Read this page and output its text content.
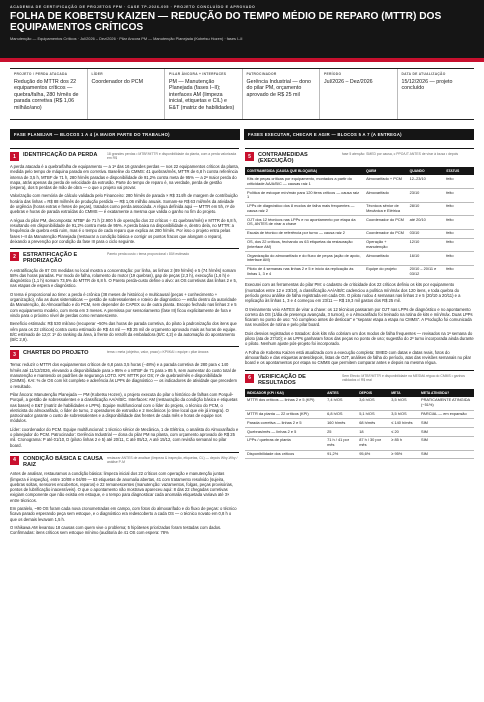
ACADEMIA DE CERTIFICAÇÃO DE PROJETOS FPM · CASE TP-2026-005 · PROJETO CONCLUÍDO E APROVADO
FOLHA DE KOBETSU KAIZEN — REDUÇÃO DO TEMPO MÉDIO DE REPARO (MTTR) DOS EQUIPAMENTOS CRÍTICOS
Manutenção — Equipamentos Críticos · Jul/2026 – Dez/2026 · Pilar Ancora PM — Manutenção Planejada (Kobetsu Hozen) · fases I–II
PROJETO / PERDA ATACADA
Redução do MTTR dos 22 equipamentos críticos — quebra/falha, 280 h/mês de parada corretiva (R$ 1,06 milhão/ano)
LÍDER
Coordenador do PCM
PILAR ÂNCORA + INTERFACES
PM — Manutenção Planejada (fases I–II); interfaces AM (limpeza inicial, etiquetas e CIL) e E&T (matriz de habilidades)
PATROCINADOR
Gerência Industrial — dono do pilar PM, orçamento aprovado de R$ 25 mil
PERÍODO
Jul/2026 – Dez/2026
DATA DE ATUALIZAÇÃO
15/12/2026 — projeto concluído
FASE PLANEJAR — BLOCOS 1 A 4 (A MAIOR PARTE DO TRABALHO)	FASES EXECUTAR, CHECAR E AGIR — BLOCOS 5 A 7 (A ENTREGA)
1	IDENTIFICAÇÃO DA PERDA	18 grandes perdas • MTBF/MTTR e disponibilidade da planta, com a perda valorizada em R$

A perda atacada é a quebra/falha de equipamento — a 1ª das 16 grandes perdas — nos 22 equipamentos críticos da planta, medida pelo tempo de máquina parada em corretiva. Baseline do CMMS: 41 quebras/mês, MTTR de 6,8 h contra referência interna de 3,5 h, MTBF de 71 h, 280 h/mês paradas e disponibilidade de 91,2% contra meta de 95% — a 2ª maior perda do mapa, atrás apenas da perda de velocidade da extrusão. Parte do tempo de reparo é, na verdade, perda de gestão (espera), dos 5 perdas de mão de obra — o que o projeto vai provar.

Valorização com memória de cálculo validada pelo Financeiro: 280 h/mês de parada × R$ 314/h de margem de contribuição horária das linhas = R$ 88 mil/mês de produção perdida — R$ 1,06 milhão anuais. Somam-se R$ 63 mil/mês da atividade de urgência (horas extras e fretes de peças), tratados como perda associada. A régua definida aqui — MTTR em 5h, nº de quebras e horas de parada extraídas do CMMS — é exatamente a mesma que valida o ganho no fim do projeto.

A régua do pilar PM, decomposta: MTBF de 71 h (2.900 h de operação dos 22 críticos ÷ 41 quebras/mês) e MTTR de 6,8 h, resultando em disponibilidade de 91,2% contra meta de 95%. A perda baixa na disponibilidade e, dentro dela, no MTTR: a frequência de quebra está ruim, mas é o tempo de cada reparo que explica as 280 h/mês. Por isso o projeto entra pelas fases I–II da Manutenção Planejada (restaurar a condição básica e corrigir os pontos fracos que alongam o reparo), deixando a prevenção por condição da fase III para o ciclo seguinte.

2	ESTRATIFICAÇÃO E PRIORIZAÇÃO
Pareto perda custo • tema proporcional • 80/l estimado

A estratificação de 87 OS medidas no local mostra a concentração: por linha, as linhas 2 (89 h/mês) e 5 (74 h/mês) somam 58% das horas paradas. Por modo de falha, rolamento do motor (19 quebras), gap de peças (2,3 h), execução (1,6 h) e diagnóstico (1,1 h) somam 73,5% do MTTR de 6,8 h. O Pareto perda-custo define o alvo: as OS corretivas das linhas 2 e 5, nas etapas de espera e diagnóstico.

O tema é proporcional ao time: a perda é crônica (38 meses de histórico) e multicausal (peças + conhecimento + organização), não as duas sistemáticas — gestão de sobressalentes e roteiro de diagnóstico — estão dentro da autoridade da Manutenção, do Almoxarifado e do PCM, sem depender de CAPEX ou de outra planta. Escopo fechado nas linhas 2 e 5 com equipamento modelo, com meta em 3 meses. A premissa por sensoriamento (fase III) ficou explicitamente de fora e vindo para o próximo nível de perdas como remanescente.

Benefício estimado: R$ 530 mil/ano (recuperar ~50% das horas de parada corretiva, do piloto à padronização dos itens que vêm para os 22 críticos) contra custo estimado de R$ 44 mil — R$ 25 mil de orçamento aprovado mais as horas de equipe. B/C estimado de 12,0: 1º do ranking da área, à frente do retrofit da embaladora (B/C 4,2) e da automação do apontamento (B/C 2,9).

3	CHARTER DO PROJETO	tema • meta (objetivo, valor, prazo) • KPI/KAI • equipe • pilar âncora

Tema: reduzir o MTTR dos equipamentos críticos de 6,8 para 3,5 horas (−48%) e a parada corretiva de 280 para ≤ 140 h/mês até 11/12/2026, elevando a disponibilidade para ≥ 95% e o MTBF de 71 para ≥ 85 h, sem aumentar do custo total de manutenção e mantendo os padrões de segurança LOTO. KPI: MTTR por OS; nº de quebras/mês e disponibilidade (CMMS). KAI: % de OS com kit completo e aderência às LPPs de diagnóstico — os indicadores de atividade que precedem o resultado.

Pilar âncora: Manutenção Planejada — PM (Kobetsu Hozen), o projeto executa do pilar o histórico de falhas com Porquê-Porquê, a gestão de sobressalentes e a classificação AA/A/B/C. Interfaces: AM (restauração da condição básica e etiquetas nas bases) e E&T (matriz de habilidades e LPPs). Equipe multifuncional com o líder do projeto, o técnico do PCM, o eletricista do almoxarifado, o líder de turno, 2 operadores de extrusão e 2 mecânicos (o time local que ele já integra). O patrocinador garante o custo de sobressalentes e a disponibilidade das frentes de cada mês e horas de equipe nos módulos.

Líder: coordenador do PCM. Equipe multifuncional: 1 técnico sênior de Mecânica, 1 de Elétrica, o analista do Almoxarifado e o planejador do PCM. Patrocinador: Gerência Industrial — dona do pilar PM na planta, com orçamento aprovado de R$ 25 mil. Cronograma: P até 01/10, D (piloto linhas 2 e 5) até 20/11, C até 05/12, A até 15/12, com revisão semanal no pilar board.

4	CONDIÇÃO BÁSICA E CAUSA RAIZ
restaurar ANTES de analisar (limpeza & inspeção, etiquetas, CL) — depois Why-Why / análise P-M

Antes de analisar, restauramos a condição básica: limpeza inicial dos 22 críticos com operação e manutenção juntas (limpeza é inspeção), entre 10/08 e 04/09 — 63 etiquetas de anomalia abertas, 41 com tratamento resolvido (sujeira, quebras soltas, sensores encobertos, reparos) e 22 remanescentes (manutenção: vazamentos, folgas, peças provisórias, pontos de lubrificação inacessíveis). O que o apontamento não mostrava apareceu aqui: 8 das 22 chegadas corretivas exigiam componente que não existia em estoque, e o tempo para diagnosticar cada anomalia etiquetada variava até 3× entre técnicos.

Em paralelo, ~90 OS foram cada nova cronometradas em campo, com fotos do almoxarifado e do fluxo de peças: o técnico ficava parado esperando peça sem estoque, e o diagnóstico era redescoberto a cada OS — o técnico novato em 0,8 h o que os demais levavam 1,5 h.

O Ishikawa AM levantou 18 causas com quem vive o problema; 5 hipóteses priorizadas foram testadas com dados. Confirmadas: itens críticos sem estoque mínimo (auditoria de 41 OS com espera: 78%

5	CONTRAMEDIDAS (EXECUÇÃO)
fase 5 atenção: SMED por causa, c PPO/UT ANTES de virar à lousa • depois
CONTRAMEDIDA (CAUSA QUE BLOQUEIA)	QUEM	QUANDO	STATUS
Kits de peças críticas por equipamento, montados a partir do criticidade AA/A/B/C — causas raiz 1	Almoxarifado + PCM	12–23/10	feito
Política de estoque mín/máx para 120 itens críticos — causa raiz 1	Almoxarifado	23/10	feito
LPPs de diagnóstico dos 8 modos de falha mais frequentes — causa raiz 2	Técnicos sênior de Mecânica e Elétrica	28/10	feito
OJT dos 12 técnicos nas LPPs e no apontamento por etapa da OS, ANTES de virar a chave	Coordenador do PCM	até 20/10	feito
Escala de técnico de referência por turno — causa raiz 2	Coordenador do PCM	03/10	feito
OS, dos 22 críticos, fechando os 63 etiquetas da restauração (interface AM)	Operação + manutenção	12/10	feito
Organização do almoxarifado e do fluxo de peças (ação de apoio, interface AM)	Almoxarifado	16/10	feito
Piloto de 4 semanas nas linhas 2 e 5 e início da replicação às linhas 1, 3 e 4	Equipe do projeto	20/10 – 20/11 e 03/12	feito

Executei com as ferramentas do pilar PM: o cadastro de criticidade dos 22 críticos definiu os kits por equipamento (montados entre 12 e 23/10), a classificação AA/A/B/C cadenciou a política mín/máx dos 120 itens, e toda quebra do período gerou análise de falha registrada em cada OS. O piloto rodou 4 semanas nas linhas 2 e 5 (20/10 a 20/11) e a replicação às linhas 1, 3 e 4 começou em 23/11 — R$ 19,3 mil gastos dos R$ 25 mil.

O treinamento veio ANTES de virar a chave: os 12 técnicos passaram por OJT nas LPPs de diagnóstico e no apontamento correto da OS (1/dia de presença avançada, 3 turnos), e o Almoxarifado foi treinado na rotina de kits e mín/máx. Duas LPPs ficaram no ponto de uso: “nó complexo antes de deslocar” e “separar etapa a etapa no CMMS”. A Produção foi comunicada nas reuniões de rotina e pelo pilar board.

Dois desvios registrados e tratados: dois kits não cobriam um dos modos de falha frequentes — revisados na 1ª semana do piloto (ata de 27/10); e as LPPs ganharam fotos das peças no ponto de uso; sugestão do 2º turno incorporada ainda durante o piloto. Nenhum ajuste pós-projeto foi incorporado.

A Folha de Kobetsu Kaizen está atualizada com a execução completa: SMED com datas e datas reais, fotos do almoxarifado e das etiquetas antes/depois, listas de OJT, análises de falha do período, atas das revisões semanais no pilar board e os apontamentos por etapa no CMMS que permitem comparar antes e depois na mesma régua.

6	VERIFICAÇÃO DE RESULTADOS
Sem Efecto: MTBF/MTTR e disponibilidade na MESMA régua do CMMS • ganhos validados c/ R$ real
INDICADOR (KPI / KAI)	ANTES	DEPOIS	META	META ATINGIDA?
MTTR dos críticos — linhas 2 e 5 (KPI)	7,4 h/OS	3,6 h/OS	3,5 h/OS	PRATICAMENTE ATINGIDA (−51%)
MTTR da planta — 22 críticos (KPI)	6,8 h/OS	5,1 h/OS	3,5 h/OS	PARCIAL — em expansão
Parada corretiva — linhas 2 e 5	160 h/mês	68 h/mês	≤ 140 h/mês	SIM
Quebras/mês — linhas 2 e 5	25	18	≤ 20	SIM
LPPs / quebras de planta	71 h / 41 por mês	87 h / 30 por mês	≥ 85 h	SIM
Disponibilidade dos críticos	91,2%	95,6%	≥ 95%	SIM
